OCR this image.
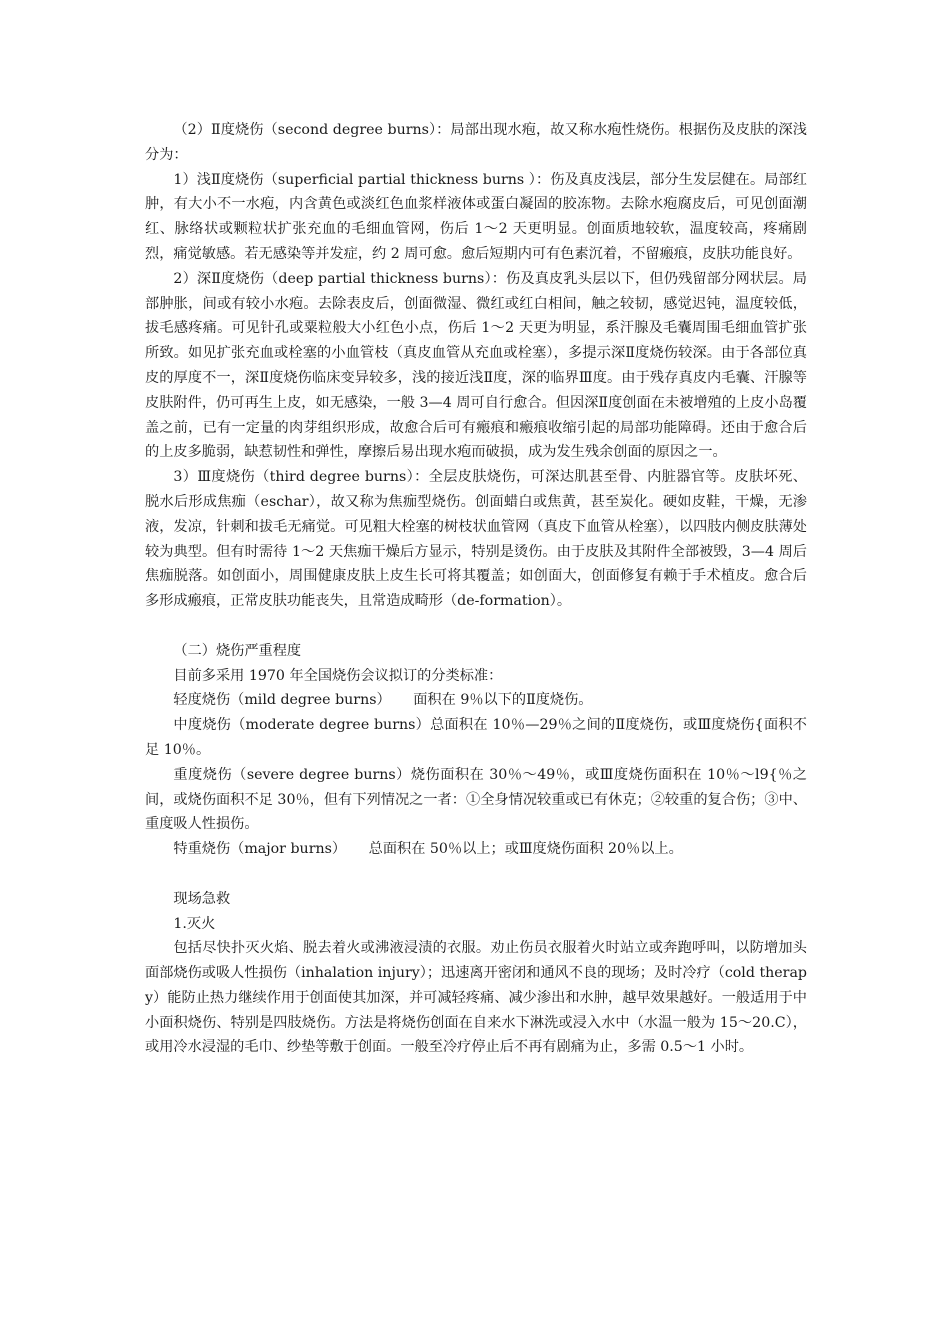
（2）Ⅱ度烧伤（second degree burns）：局部出现水疱，故又称水疱性烧伤。根据伤及皮肤的深浅分为：

1）浅Ⅱ度烧伤（superficial partial thickness burns ）：伤及真皮浅层，部分生发层健在。局部红肿，有大小不一水疱，内含黄色或淡红色血浆样液体或蛋白凝固的胶冻物。去除水疱腐皮后，可见创面潮红、脉络状或颗粒状扩张充血的毛细血管网，伤后 1～2 天更明显。创面质地较软，温度较高，疼痛剧烈，痛觉敏感。若无感染等并发症，约 2 周可愈。愈后短期内可有色素沉着，不留瘢痕，皮肤功能良好。

2）深Ⅱ度烧伤（deep partial thickness burns）：伤及真皮乳头层以下，但仍残留部分网状层。局部肿胀，间或有较小水疱。去除表皮后，创面微湿、微红或红白相间，触之较韧，感觉迟钝，温度较低，拔毛感疼痛。可见针孔或粟粒般大小红色小点，伤后 1～2 天更为明显，系汗腺及毛囊周围毛细血管扩张所致。如见扩张充血或栓塞的小血管枝（真皮血管从充血或栓塞），多提示深Ⅱ度烧伤较深。由于各部位真皮的厚度不一，深Ⅱ度烧伤临床变异较多，浅的接近浅Ⅱ度，深的临界Ⅲ度。由于残存真皮内毛囊、汗腺等皮肤附件，仍可再生上皮，如无感染，一般 3—4 周可自行愈合。但因深Ⅱ度创面在未被增殖的上皮小岛覆盖之前，已有一定量的肉芽组织形成，故愈合后可有瘢痕和瘢痕收缩引起的局部功能障碍。还由于愈合后的上皮多脆弱，缺惹韧性和弹性，摩擦后易出现水疱而破损，成为发生残余创面的原因之一。

3）Ⅲ度烧伤（third degree burns）：全层皮肤烧伤，可深达肌甚至骨、内脏器官等。皮肤坏死、脱水后形成焦痂（eschar），故又称为焦痂型烧伤。创面蜡白或焦黄，甚至炭化。硬如皮鞋，干燥，无渗液，发凉，针刺和拔毛无痛觉。可见粗大栓塞的树枝状血管网（真皮下血管从栓塞），以四肢内侧皮肤薄处较为典型。但有时需待 1～2 天焦痂干燥后方显示，特别是烫伤。由于皮肤及其附件全部被毁，3—4 周后焦痂脱落。如创面小，周围健康皮肤上皮生长可将其覆盖；如创面大，创面修复有赖于手术植皮。愈合后多形成瘢痕，正常皮肤功能丧失，且常造成畸形（de-formation）。

（二）烧伤严重程度

目前多采用 1970 年全国烧伤会议拟订的分类标准：

轻度烧伤（mild degree burns）     面积在 9％以下的Ⅱ度烧伤。

中度烧伤（moderate degree burns）总面积在 10％—29％之间的Ⅱ度烧伤，或Ⅲ度烧伤{面积不足 10％。

重度烧伤（severe degree burns）烧伤面积在 30％～49％，或Ⅲ度烧伤面积在 10％～l9{％之间，或烧伤面积不足 30％，但有下列情况之一者：①全身情况较重或已有休克；②较重的复合伤；③中、重度吸人性损伤。

特重烧伤（major burns）     总面积在 50％以上；或Ⅲ度烧伤面积 20％以上。

现场急救

1.灭火

包括尽快扑灭火焰、脱去着火或沸液浸渍的衣服。劝止伤员衣服着火时站立或奔跑呼叫，以防增加头面部烧伤或吸人性损伤（inhalation injury）；迅速离开密闭和通风不良的现场；及时冷疗（cold therapy）能防止热力继续作用于创面使其加深，并可减轻疼痛、减少渗出和水肿，越早效果越好。一般适用于中小面积烧伤、特别是四肢烧伤。方法是将烧伤创面在自来水下淋洗或浸入水中（水温一般为 15～20.C），或用冷水浸湿的毛巾、纱垫等敷于创面。一般至冷疗停止后不再有剧痛为止，多需 0.5～1 小时。
